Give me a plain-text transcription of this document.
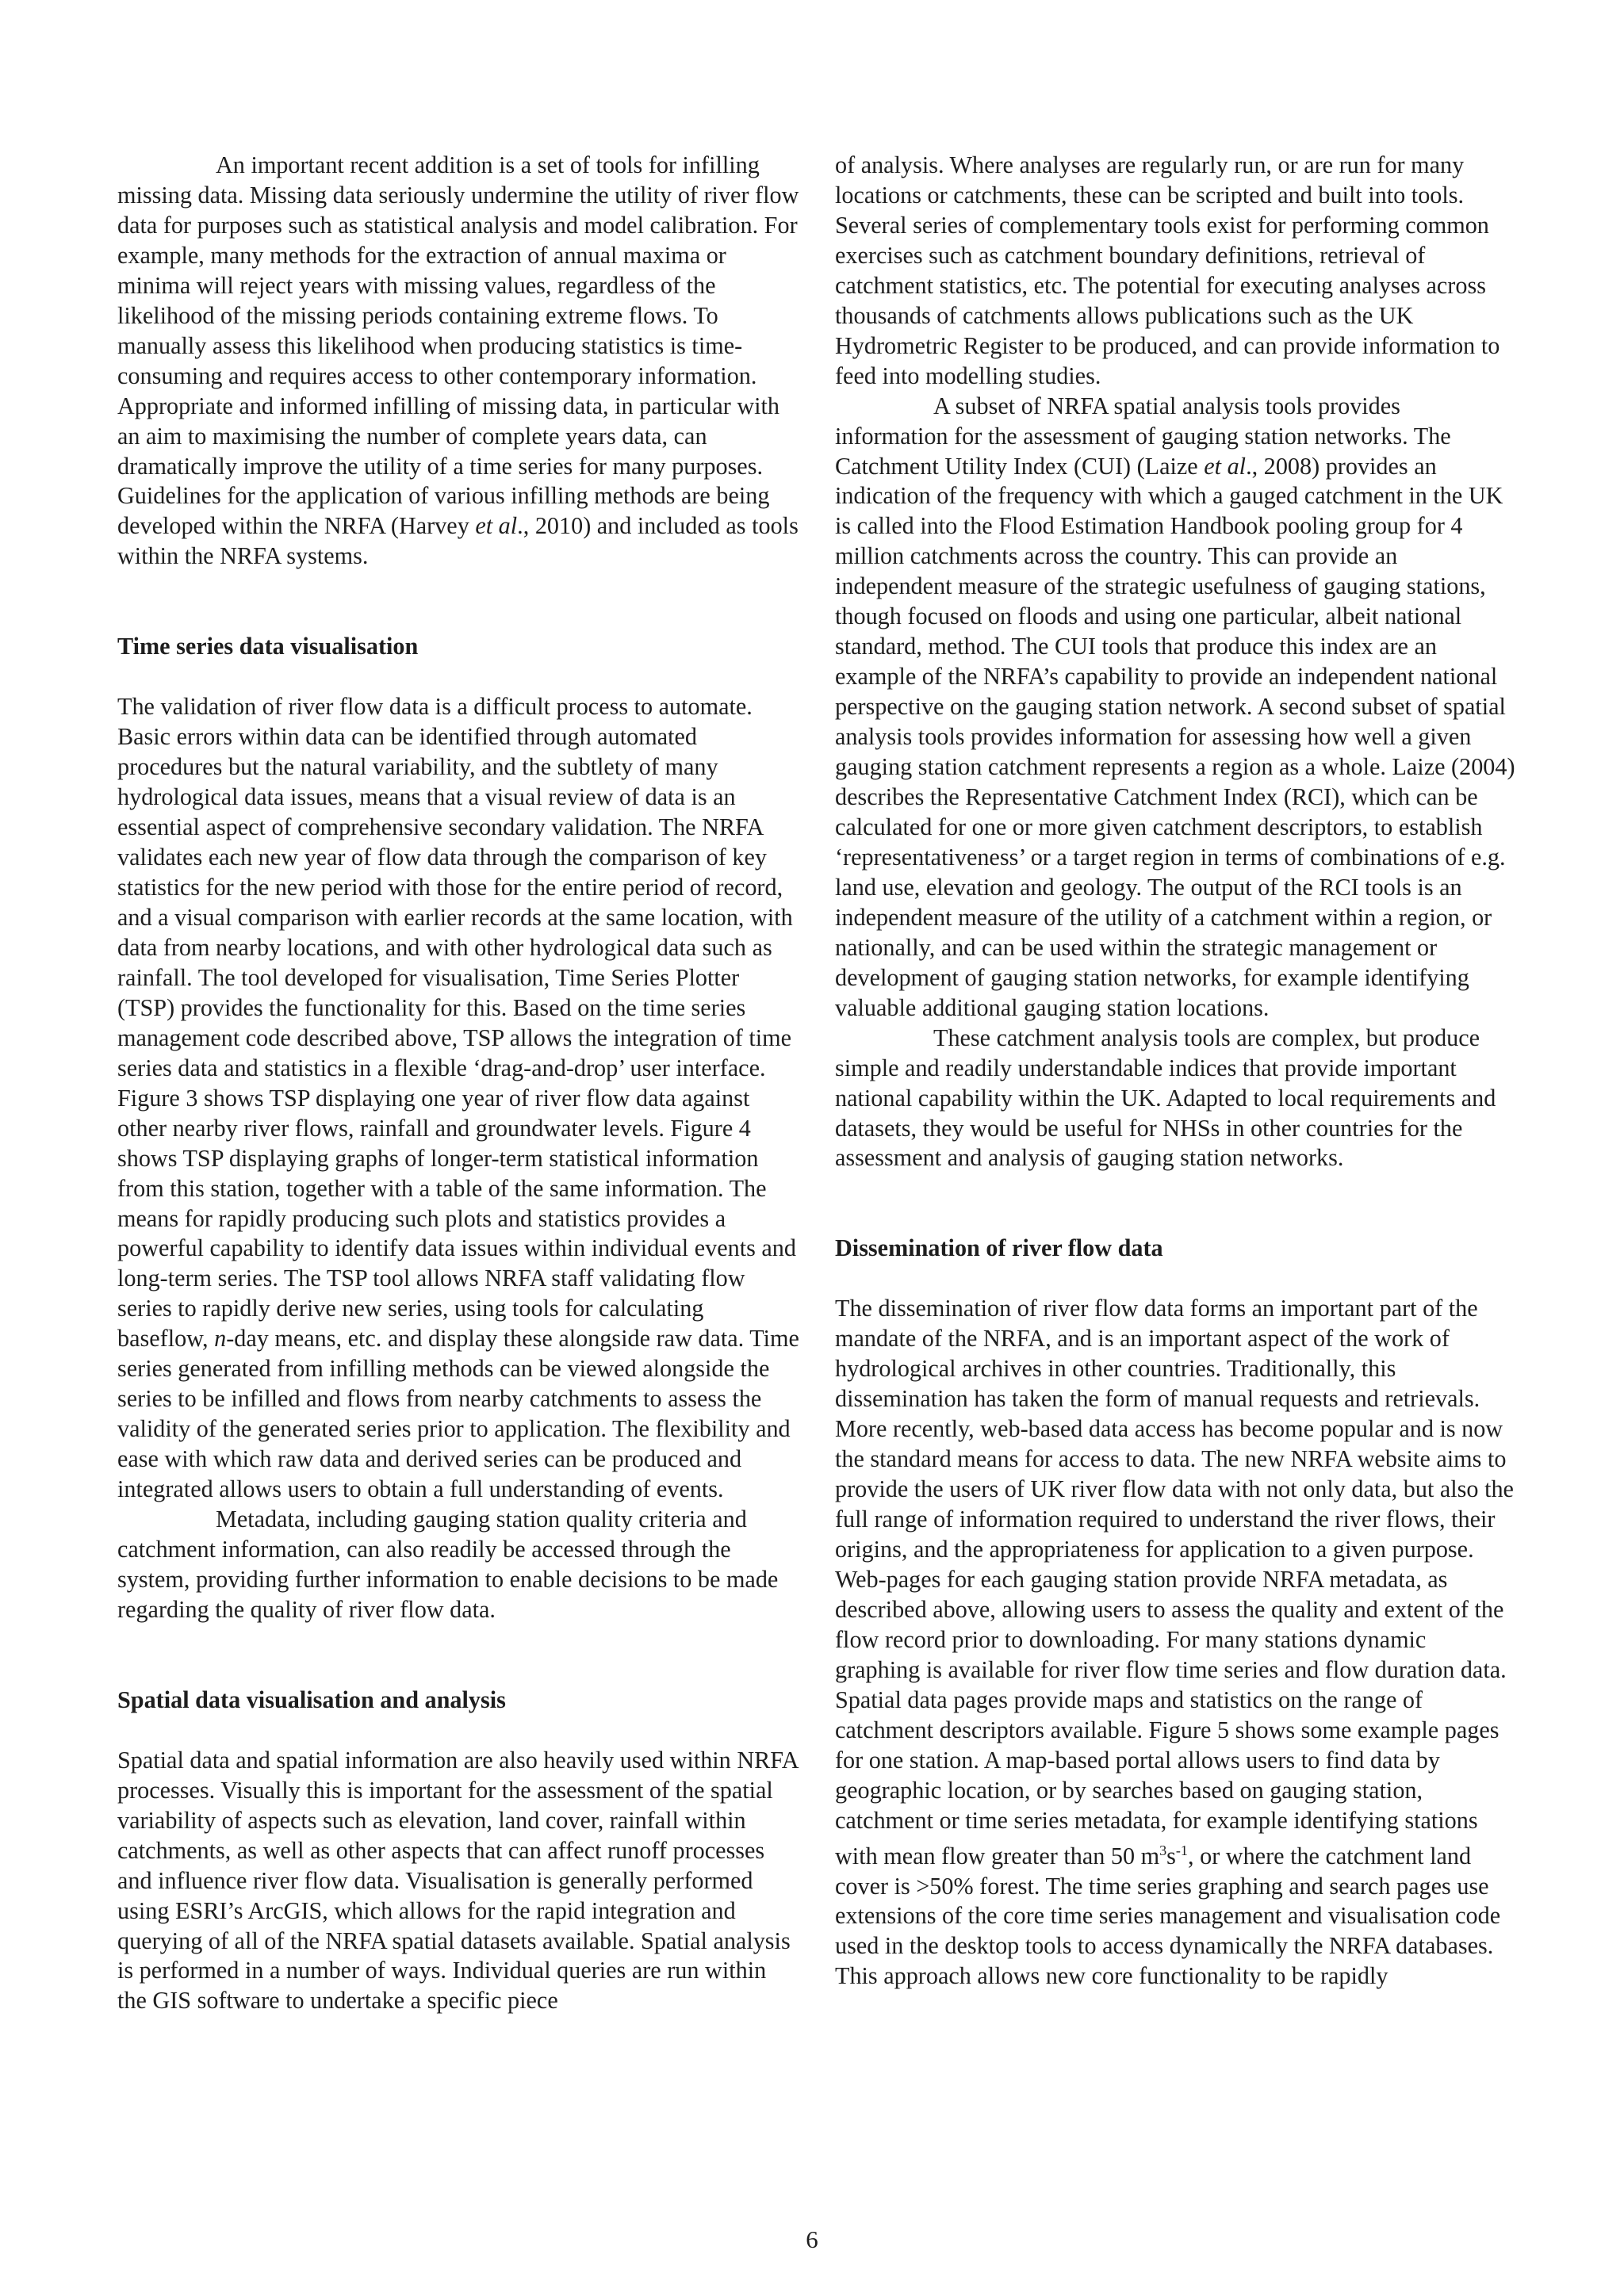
An important recent addition is a set of tools for infilling missing data. Missing data seriously undermine the utility of river flow data for purposes such as statistical analysis and model calibration. For example, many methods for the extraction of annual maxima or minima will reject years with missing values, regardless of the likelihood of the missing periods containing extreme flows. To manually assess this likelihood when producing statistics is time-consuming and requires access to other contemporary information. Appropriate and informed infilling of missing data, in particular with an aim to maximising the number of complete years data, can dramatically improve the utility of a time series for many purposes. Guidelines for the application of various infilling methods are being developed within the NRFA (Harvey et al., 2010) and included as tools within the NRFA systems.

Time series data visualisation

The validation of river flow data is a difficult process to automate. Basic errors within data can be identified through automated procedures but the natural variability, and the subtlety of many hydrological data issues, means that a visual review of data is an essential aspect of comprehensive secondary validation. The NRFA validates each new year of flow data through the comparison of key statistics for the new period with those for the entire period of record, and a visual comparison with earlier records at the same location, with data from nearby locations, and with other hydrological data such as rainfall. The tool developed for visualisation, Time Series Plotter (TSP) provides the functionality for this. Based on the time series management code described above, TSP allows the integration of time series data and statistics in a flexible ‘drag-and-drop’ user interface. Figure 3 shows TSP displaying one year of river flow data against other nearby river flows, rainfall and groundwater levels. Figure 4 shows TSP displaying graphs of longer-term statistical information from this station, together with a table of the same information. The means for rapidly producing such plots and statistics provides a powerful capability to identify data issues within individual events and long-term series. The TSP tool allows NRFA staff validating flow series to rapidly derive new series, using tools for calculating baseflow, n-day means, etc. and display these alongside raw data. Time series generated from infilling methods can be viewed alongside the series to be infilled and flows from nearby catchments to assess the validity of the generated series prior to application. The flexibility and ease with which raw data and derived series can be produced and integrated allows users to obtain a full understanding of events.

Metadata, including gauging station quality criteria and catchment information, can also readily be accessed through the system, providing further information to enable decisions to be made regarding the quality of river flow data.

Spatial data visualisation and analysis

Spatial data and spatial information are also heavily used within NRFA processes. Visually this is important for the assessment of the spatial variability of aspects such as elevation, land cover, rainfall within catchments, as well as other aspects that can affect runoff processes and influence river flow data. Visualisation is generally performed using ESRI’s ArcGIS, which allows for the rapid integration and querying of all of the NRFA spatial datasets available. Spatial analysis is performed in a number of ways. Individual queries are run within the GIS software to undertake a specific piece

of analysis. Where analyses are regularly run, or are run for many locations or catchments, these can be scripted and built into tools. Several series of complementary tools exist for performing common exercises such as catchment boundary definitions, retrieval of catchment statistics, etc. The potential for executing analyses across thousands of catchments allows publications such as the UK Hydrometric Register to be produced, and can provide information to feed into modelling studies.

A subset of NRFA spatial analysis tools provides information for the assessment of gauging station networks. The Catchment Utility Index (CUI) (Laize et al., 2008) provides an indication of the frequency with which a gauged catchment in the UK is called into the Flood Estimation Handbook pooling group for 4 million catchments across the country. This can provide an independent measure of the strategic usefulness of gauging stations, though focused on floods and using one particular, albeit national standard, method. The CUI tools that produce this index are an example of the NRFA’s capability to provide an independent national perspective on the gauging station network. A second subset of spatial analysis tools provides information for assessing how well a given gauging station catchment represents a region as a whole. Laize (2004) describes the Representative Catchment Index (RCI), which can be calculated for one or more given catchment descriptors, to establish ‘representativeness’ or a target region in terms of combinations of e.g. land use, elevation and geology. The output of the RCI tools is an independent measure of the utility of a catchment within a region, or nationally, and can be used within the strategic management or development of gauging station networks, for example identifying valuable additional gauging station locations.

These catchment analysis tools are complex, but produce simple and readily understandable indices that provide important national capability within the UK. Adapted to local requirements and datasets, they would be useful for NHSs in other countries for the assessment and analysis of gauging station networks.

Dissemination of river flow data

The dissemination of river flow data forms an important part of the mandate of the NRFA, and is an important aspect of the work of hydrological archives in other countries. Traditionally, this dissemination has taken the form of manual requests and retrievals. More recently, web-based data access has become popular and is now the standard means for access to data. The new NRFA website aims to provide the users of UK river flow data with not only data, but also the full range of information required to understand the river flows, their origins, and the appropriateness for application to a given purpose. Web-pages for each gauging station provide NRFA metadata, as described above, allowing users to assess the quality and extent of the flow record prior to downloading. For many stations dynamic graphing is available for river flow time series and flow duration data. Spatial data pages provide maps and statistics on the range of catchment descriptors available. Figure 5 shows some example pages for one station. A map-based portal allows users to find data by geographic location, or by searches based on gauging station, catchment or time series metadata, for example identifying stations with mean flow greater than 50 $m^3s^{-1}$, or where the catchment land cover is >50% forest. The time series graphing and search pages use extensions of the core time series management and visualisation code used in the desktop tools to access dynamically the NRFA databases. This approach allows new core functionality to be rapidly

6
